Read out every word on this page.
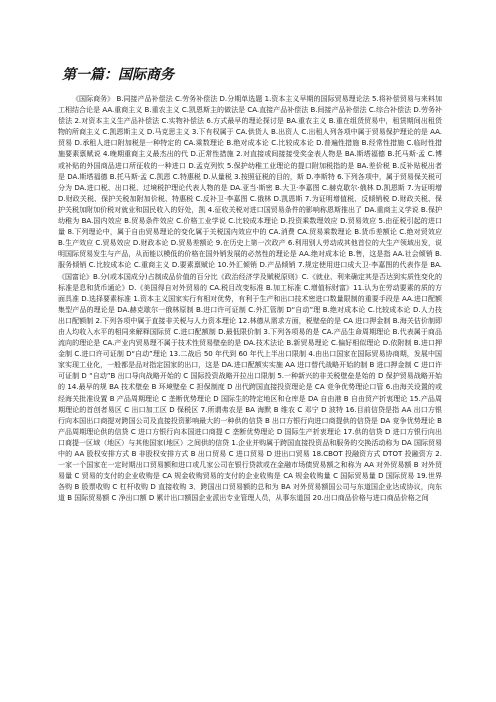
第一篇：国际商务

《国际商务》 B.同接产品补偿法 C.劳务补偿法 D.分期单选题 1.资本主义早期的国际贸易理论法 5.将补偿贸易与来料加工相结合论是 AA.重商主义 B.重农主义 C.凯恩斯主的做法是 CA.直接产品补偿法 B.间接产品补偿法 C.综合补偿法 D.劳务补偿法 2.对资本主义生产品补偿法 C.实物补偿法 6.方式最早的理论探讨是 BA.重农主义 B.重在组货贸易中，租赁期间出租货物的所商主义 C.凯恩斯主义 D.马克思主义 3.下有权属于 CA.供货人 B.出资人 C.出租人列各项中属于贸易保护理论的是 AA.贸易 D.承租人进口附加税是一种特定的 CA.乘数理论 B.绝对成本论 C.比较成本论 D.普遍性措施 B.经常性措施 C.临时性措施要素禀赋说 4.晚期重商主义最杰出的代 D.正常性措施 2.对直接或间接接受奖金表人物是 BA.斯塔福德 B.托马斯·孟 C.博或补贴的外国商品进口所征收的一种进口 D.孟克列钦 5.保护幼稚工业理论的提口附加税指的是 BA.差价税 B.反补贴税出者是 DA.斯塔福德 B.托马斯·孟 C.凯恩 C.特惠税 D.从量税 3.按照征税的目的，斯 D.李斯特 6.下列各项中，属于贸易保关税可分为 DA.进口税、出口税、过境税护理论代表人物的是 DA.亚当·斯密 B.大卫·李嘉图 C.赫克歇尔·俄林 D.凯恩斯 7.为证明增 D.财政关税、保护关税加附加价税、特惠税 C.反补卫·李嘉图 C.俄林 D.凯恩斯 7.为证明增值税、反倾销税 D.财政关税、保护关税加附加价税对就业和国民收入的好处，凯 4.征收关税对进口国贸易条件的影响称恩斯推出了 DA.重商主义学说 B.保护幼稚为 BA.国内效应 B.贸易条件效应 C.价格工业学说 C.比较成本理论 D.投资乘数理效应 D.贸易效应 5.由征税引起的进口量 8.下列理论中，属于自由贸易理论的变化属于关税国内效应中的 CA.消费 CA.贸易乘数理论 B.货币差额论 C.绝对贸效应 B.生产效应 C.贸易效应 D.财政本论 D.贸易差额论 9.在历史上第一次政产 6.利用别人劳动成其他首位的大生产领域出发，说明国际贸易发生与产品，从而能以模低的价格在国外销发展的必然性的理论是 AA.绝对成本论 B.售，这是指 AA.社会倾销 B.服务倾销 C.比较成本论 C.重商主义 D.要素禀赋论 10.外汇倾销 D.产品倾销 7.规定使用进口成大卫·李嘉图的代表作是 BA.《国富论》B.分(或本国成分)占制成品价值的百分比《政治经济学及赋税原则》C.《就业、利来确定其是否达到实质性变化的标准是息和货币通论》D.《美国得自对外贸易的 CA.税目改变标准 B.加工标准 C.增值标财富》11.认为在劳动要素的质的方面具准 D.选择要素标准 1.资本主义国家实行有相对优势，有利于生产和出口技术密进口数量限制的重要手段是 AA.进口配额集型产品的理论是 DA.赫克歇尔一俄林原制 B.进口许可证制 C.外汇管制 D“自动”理 B.绝对成本论 C.比较成本论 D.人力技出口配额制 2.下列各项中属于直接非关税与人力资本理论 12.林德从需求方面，税壁垒的是 CA 进口押金制 B.海关估价制即由人均收入水平的相同来解释国际贸 C.进口配额制 D.最低限价制 3.下列各项易的是 CA.产品生命周期理论 B.代表属于商品流向的理论是 CA.产业内贸易理不属于技术性贸易壁垒的是 DA.技术法论 B.新贸易理论 C.偏好相似理论 D.依附制 B.进口押金制 C.进口许可证制 D“自动”理论 13.二战后 50 年代到 60 年代上半出口限制 4.由出口国家在国际贸易协商期，发展中国家实现工业化，一般都是品对指定国家的出口，这是 DA.进口配额实实施 AA 进口替代战略开始的制 B 进口押金制 C 进口许可证制 D “自动”B 出口导向战略开始的 C 国际投资战略开拉出口限制 5.一种新兴的非关税壁垒是始的 D 保护贸易战略开始的 14.最早的规 BA 技术壁垒 B 环境壁垒 C 担保制度 D 出代跨国直接投资理论是 CA 竞争优势理论口管 6.由海关设置的或经海关批准设置 B 产品周期理论 C 垄断优势理论 D 国际生的特定地区和仓库是 DA 自由港 B 自由贸产折衷理论 15.产品周期理论的首创者易区 C 出口加工区 D 保税区 7.所谓弗农是 BA 海默 B 维农 C 邓宁 D 波特 16.目前信贷是指 AA 出口方银行向本国出口商提对跨国公司及直接投资影响最大的一种供的信贷 B 出口方银行向进口商提供的信贷是 DA 竞争优势理论 B 产品周期理论供的信贷 C 进口方银行向本国进口商提 C 垄断优势理论 D 国际生产折衷理论 17.供的信贷 D 进口方银行向出口商提一区域（地区）与其他国家(地区）之间供的信贷 1.企业并购属于跨国直接投资品和服务的交换活动称为 DA 国际贸易中的 AA 股权安排方式 B 非股权安排方式 B 出口贸易 C 进口贸易 D 进出口贸易 18.CBOT 投融资方式 DTOT 投融资方 2.一家一个国家在一定时期出口贸易额和进口或几家公司在银行贷款或在金融市场债贸易额之和称为 AA 对外贸易额 B 对外贸易量 C 贸易的支付的企业收购是 CA 规金收购贸易的支付的企业收购是 CA 规金收购量 C 国际贸易量 D 国际贸易 19.世界各购 B 股票收购 C 杠杆收购 D 直接收购 3．跨国出口贸易额的总和为 BA 对外贸易额国公司与东道国企业达成协议，向东道 B 国际贸易额 C 净出口额 D 累计出口额国企业派出专业管理人员，从事东道国 20.出口商品价格与进口商品价格之间
